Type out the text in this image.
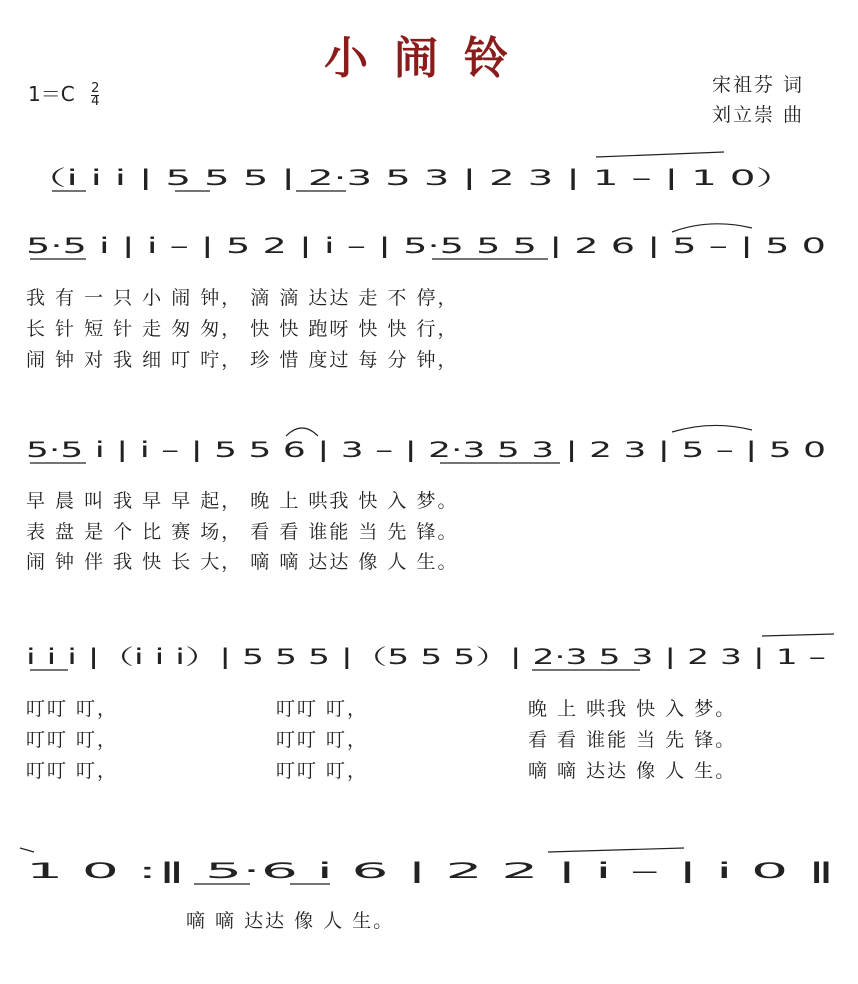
小闹铃
$1=C \frac{2}{4}$	宋祖芬 词
刘立崇 曲
（i i i | 5 5 5 | 2·3 5 3 | 2 3 | 1 – | 1 0）
5·5 i | i – | 5 2 | i – | 5·5 5 5 | 2 6 | 5 – | 5 0
5·5 i | i – | 5 5 6 | 3 – | 2·3 5 3 | 2 3 | 5 – | 5 0
i i i |（i i i）| 5 5 5 |（5 5 5）| 2·3 5 3 | 2 3 | 1 –
1 0 :‖ 5·6 i 6 | 2 2 | i – | i 0 ‖
我 有 一 只 小 闹 钟， 滴 滴 达达 走 不 停，
长 针 短 针 走 匆 匆， 快 快 跑呀 快 快 行，
闹 钟 对 我 细 叮 咛， 珍 惜 度过 每 分 钟，
早 晨 叫 我 早 早 起， 晚 上 哄我 快 入 梦。
表 盘 是 个 比 赛 场， 看 看 谁能 当 先 锋。
闹 钟 伴 我 快 长 大， 嘀 嘀 达达 像 人 生。
叮叮 叮，
叮叮 叮，
叮叮 叮，
叮叮 叮，
叮叮 叮，
叮叮 叮，
晚 上 哄我 快 入 梦。
看 看 谁能 当 先 锋。
嘀 嘀 达达 像 人 生。
嘀 嘀 达达 像 人 生。
